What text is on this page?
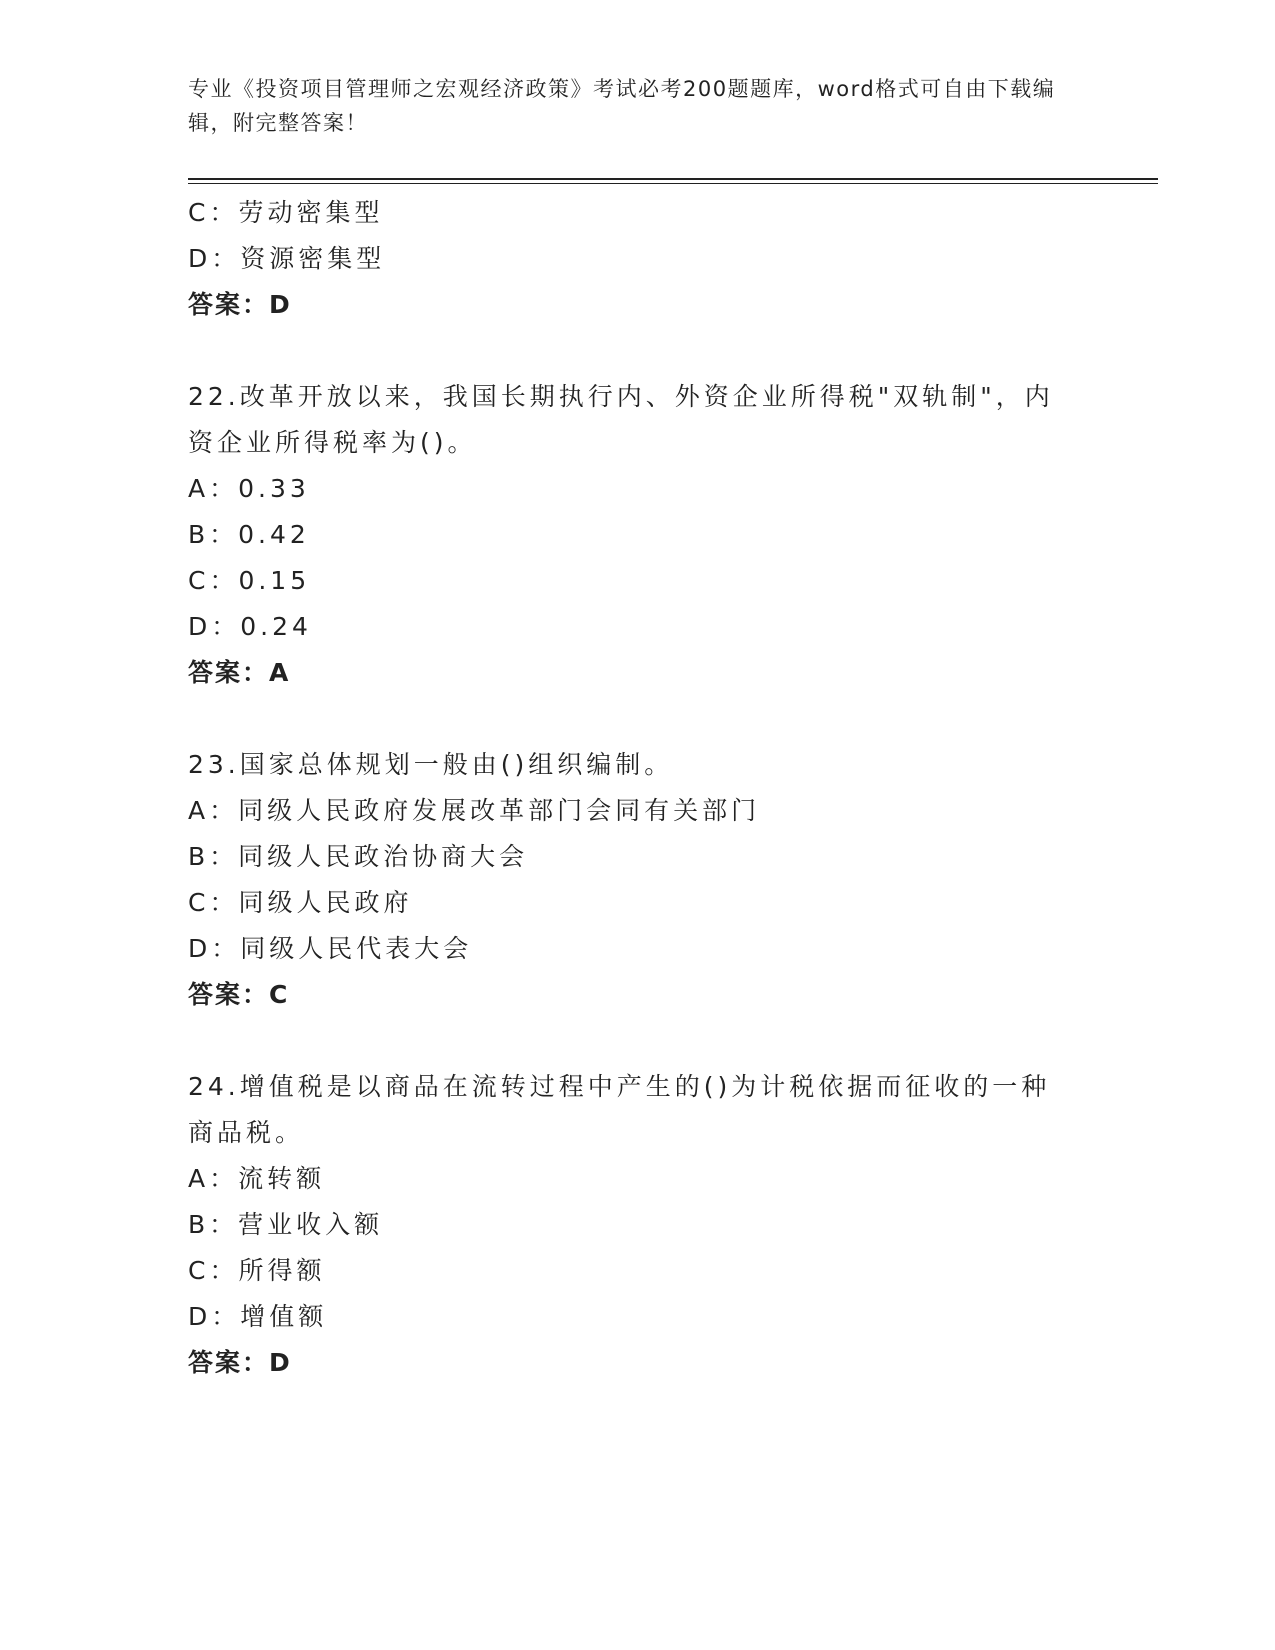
专业《投资项目管理师之宏观经济政策》考试必考200题题库，word格式可自由下载编辑，附完整答案！
C：劳动密集型
D：资源密集型
答案：D
22.改革开放以来，我国长期执行内、外资企业所得税"双轨制"，内资企业所得税率为()。
A：0.33
B：0.42
C：0.15
D：0.24
答案：A
23.国家总体规划一般由()组织编制。
A：同级人民政府发展改革部门会同有关部门
B：同级人民政治协商大会
C：同级人民政府
D：同级人民代表大会
答案：C
24.增值税是以商品在流转过程中产生的()为计税依据而征收的一种商品税。
A：流转额
B：营业收入额
C：所得额
D：增值额
答案：D
